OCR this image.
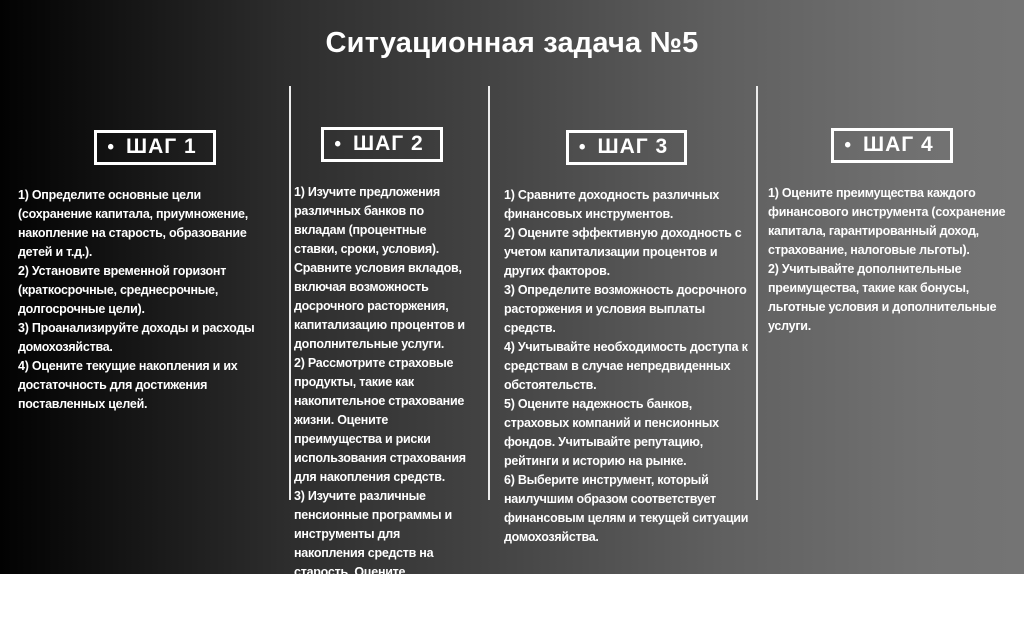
Ситуационная задача №5
• ШАГ 1

1) Определите основные цели (сохранение капитала, приумножение, накопление на старость, образование детей и т.д.).

2) Установите временной горизонт (краткосрочные, среднесрочные, долгосрочные цели).

3) Проанализируйте доходы и расходы домохозяйства.

4) Оцените текущие накопления и их достаточность для достижения поставленных целей.

• ШАГ 2

1) Изучите предложения различных банков по вкладам (процентные ставки, сроки, условия). Сравните условия вкладов, включая возможность досрочного расторжения, капитализацию процентов и дополнительные услуги.

2) Рассмотрите страховые продукты, такие как накопительное страхование жизни. Оцените преимущества и риски использования страхования для накопления средств.

3) Изучите различные пенсионные программы и инструменты для накопления средств на старость. Оцените доходность, надежность и условия выплат.

• ШАГ 3

1) Сравните доходность различных финансовых инструментов.

2) Оцените эффективную доходность с учетом капитализации процентов и других факторов.

3) Определите возможность досрочного расторжения и условия выплаты средств.

4) Учитывайте необходимость доступа к средствам в случае непредвиденных обстоятельств.

5) Оцените надежность банков, страховых компаний и пенсионных фондов. Учитывайте репутацию, рейтинги и историю на рынке.

6) Выберите инструмент, который наилучшим образом соответствует финансовым целям и текущей ситуации домохозяйства.

• ШАГ 4

1) Оцените преимущества каждого финансового инструмента (сохранение капитала, гарантированный доход, страхование, налоговые льготы).

2) Учитывайте дополнительные преимущества, такие как бонусы, льготные условия и дополнительные услуги.
